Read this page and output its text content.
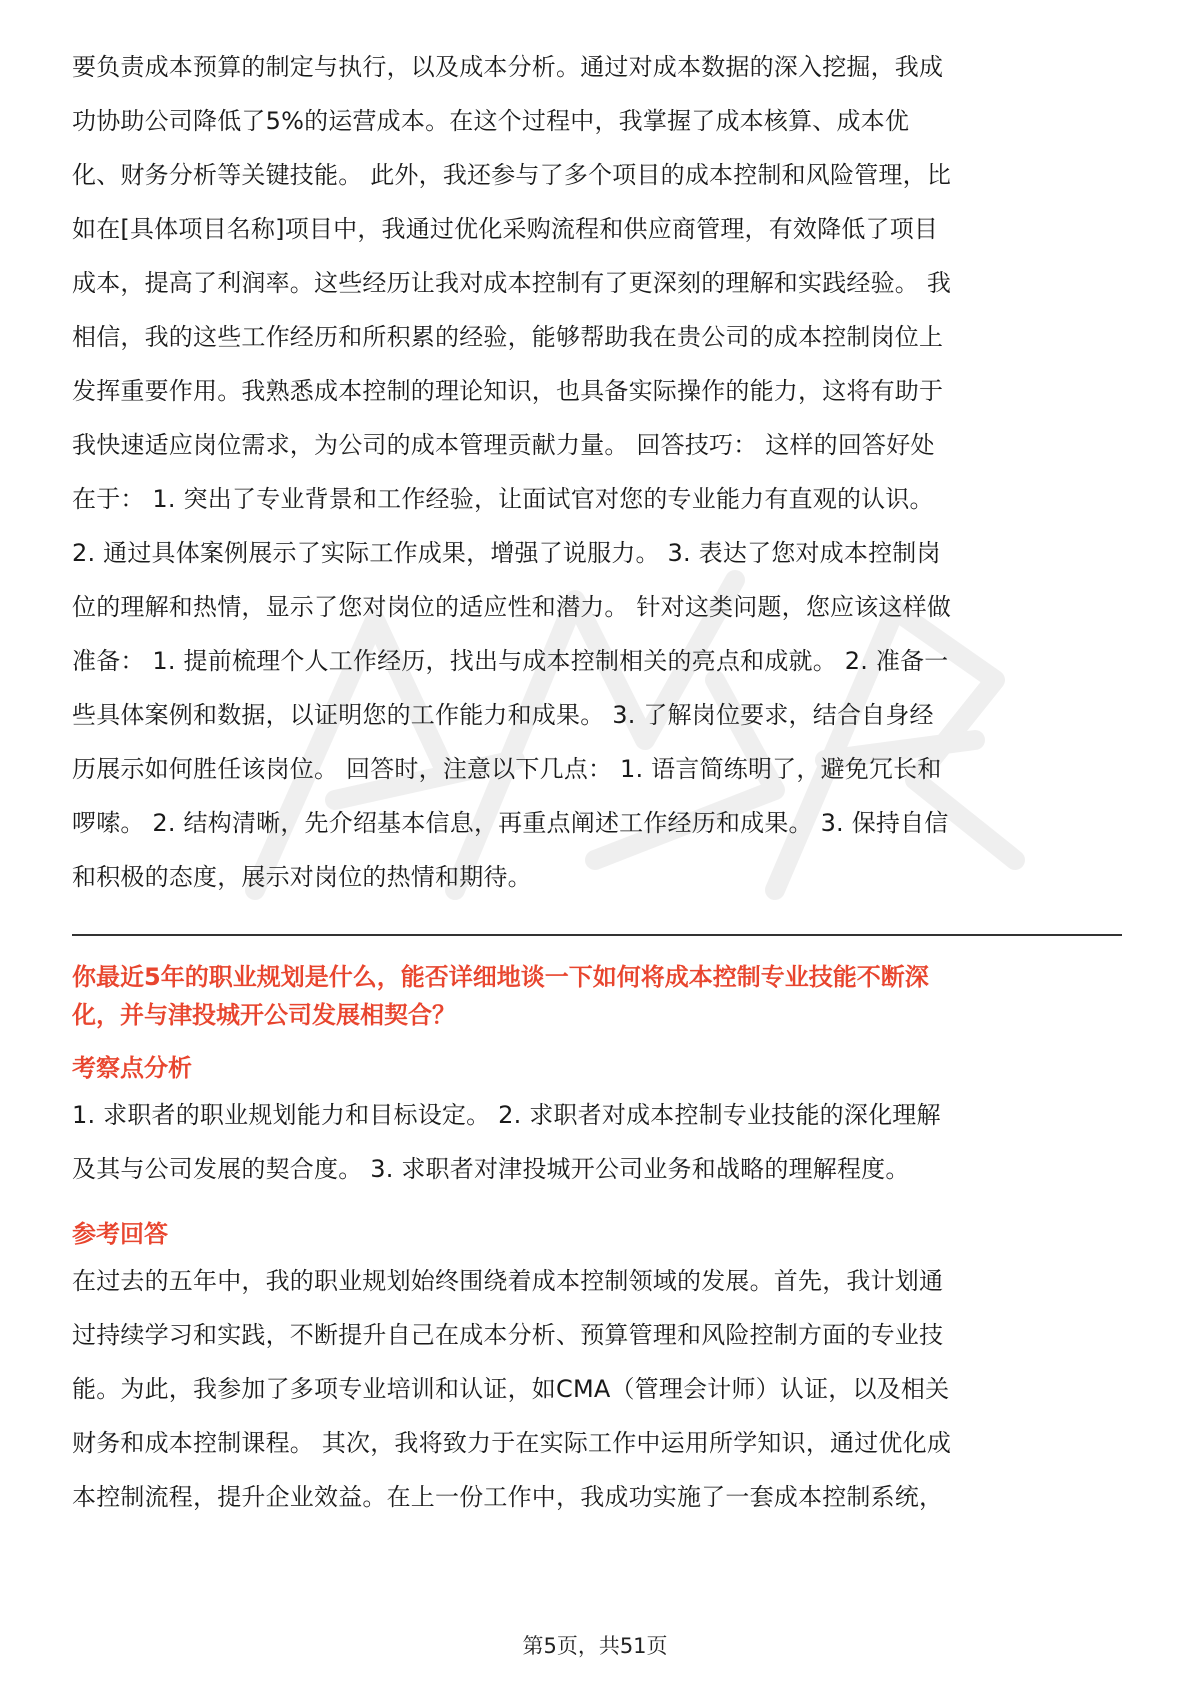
要负责成本预算的制定与执行，以及成本分析。通过对成本数据的深入挖掘，我成
功协助公司降低了5%的运营成本。在这个过程中，我掌握了成本核算、成本优
化、财务分析等关键技能。 此外，我还参与了多个项目的成本控制和风险管理，比
如在[具体项目名称]项目中，我通过优化采购流程和供应商管理，有效降低了项目
成本，提高了利润率。这些经历让我对成本控制有了更深刻的理解和实践经验。 我
相信，我的这些工作经历和所积累的经验，能够帮助我在贵公司的成本控制岗位上
发挥重要作用。我熟悉成本控制的理论知识，也具备实际操作的能力，这将有助于
我快速适应岗位需求，为公司的成本管理贡献力量。 回答技巧： 这样的回答好处
在于： 1. 突出了专业背景和工作经验，让面试官对您的专业能力有直观的认识。
2. 通过具体案例展示了实际工作成果，增强了说服力。 3. 表达了您对成本控制岗
位的理解和热情，显示了您对岗位的适应性和潜力。 针对这类问题，您应该这样做
准备： 1. 提前梳理个人工作经历，找出与成本控制相关的亮点和成就。 2. 准备一
些具体案例和数据，以证明您的工作能力和成果。 3. 了解岗位要求，结合自身经
历展示如何胜任该岗位。 回答时，注意以下几点： 1. 语言简练明了，避免冗长和
啰嗦。 2. 结构清晰，先介绍基本信息，再重点阐述工作经历和成果。 3. 保持自信
和积极的态度，展示对岗位的热情和期待。
你最近5年的职业规划是什么，能否详细地谈一下如何将成本控制专业技能不断深
化，并与津投城开公司发展相契合？
考察点分析
1. 求职者的职业规划能力和目标设定。 2. 求职者对成本控制专业技能的深化理解
及其与公司发展的契合度。 3. 求职者对津投城开公司业务和战略的理解程度。
参考回答
在过去的五年中，我的职业规划始终围绕着成本控制领域的发展。首先，我计划通
过持续学习和实践，不断提升自己在成本分析、预算管理和风险控制方面的专业技
能。为此，我参加了多项专业培训和认证，如CMA（管理会计师）认证，以及相关
财务和成本控制课程。 其次，我将致力于在实际工作中运用所学知识，通过优化成
本控制流程，提升企业效益。在上一份工作中，我成功实施了一套成本控制系统，
第5页，共51页
